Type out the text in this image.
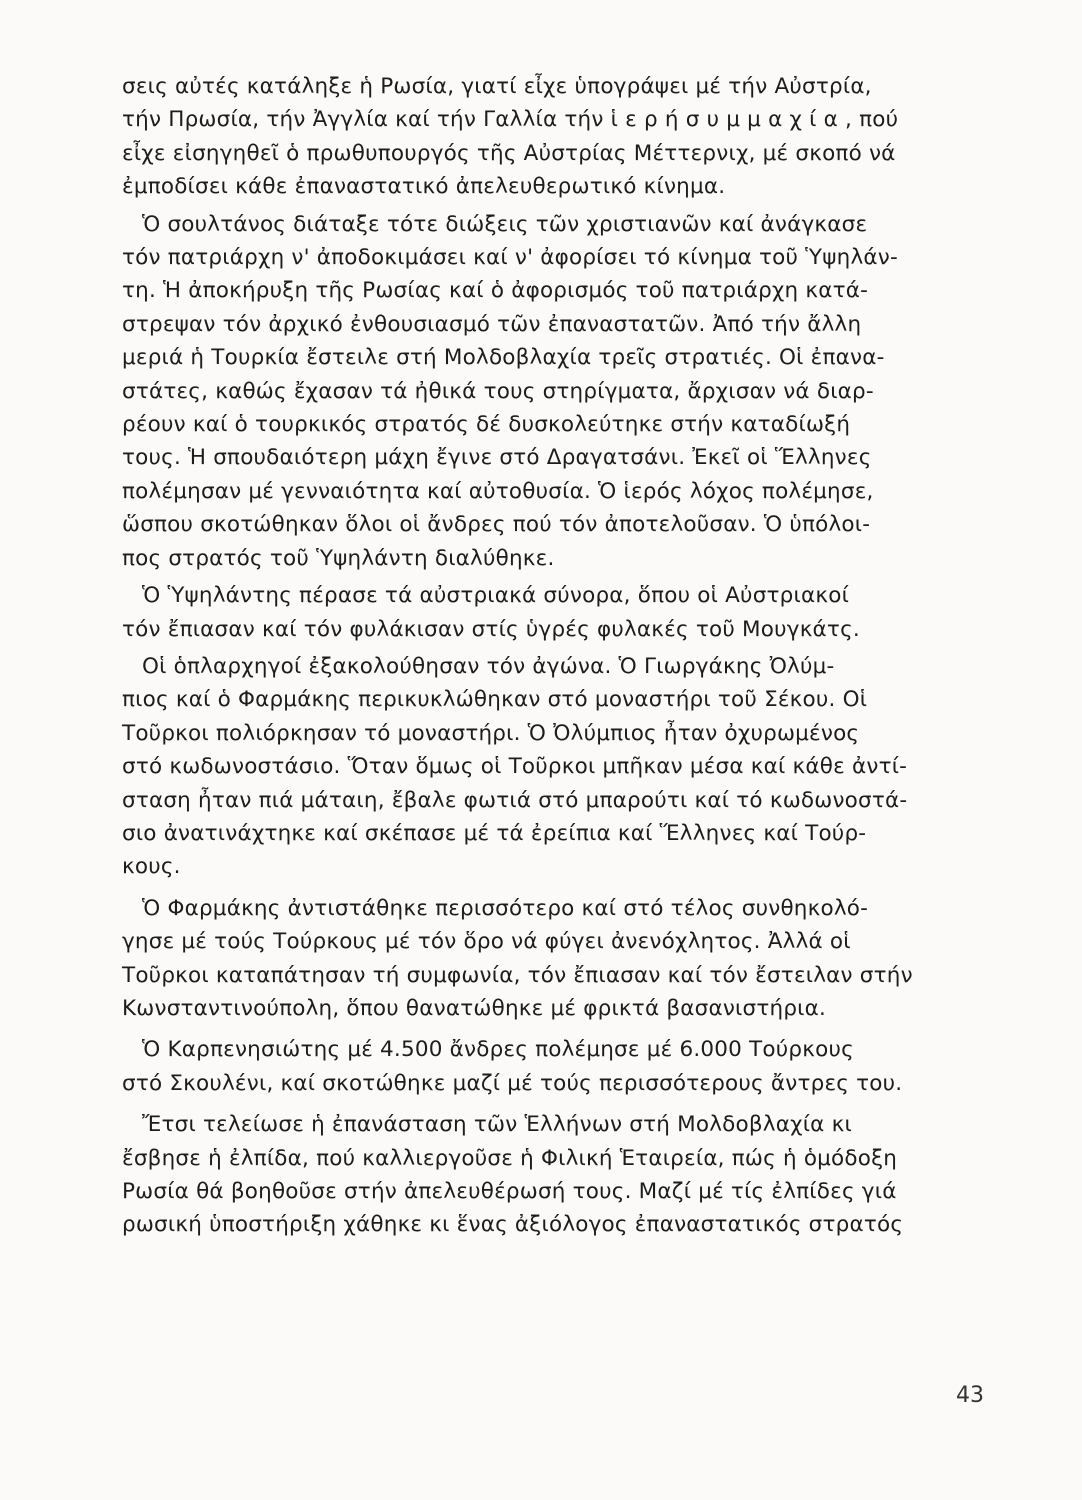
σεις αὐτές κατάληξε ἡ Ρωσία, γιατί εἶχε ὑπογράψει μέ τήν Αὐστρία,
τήν Πρωσία, τήν Ἀγγλία καί τήν Γαλλία τήν ἱ ε ρ ή σ υ μ μ α χ ί α , πού
εἶχε εἰσηγηθεῖ ὁ πρωθυπουργός τῆς Αὐστρίας Μέττερνιχ, μέ σκοπό νά
ἐμποδίσει κάθε ἐπαναστατικό ἀπελευθερωτικό κίνημα.

Ὁ σουλτάνος διάταξε τότε διώξεις τῶν χριστιανῶν καί ἀνάγκασε
τόν πατριάρχη ν' ἀποδοκιμάσει καί ν' ἀφορίσει τό κίνημα τοῦ Ὑψηλάν-
τη. Ἡ ἀποκήρυξη τῆς Ρωσίας καί ὁ ἀφορισμός τοῦ πατριάρχη κατά-
στρεψαν τόν ἀρχικό ἐνθουσιασμό τῶν ἐπαναστατῶν. Ἀπό τήν ἄλλη
μεριά ἡ Τουρκία ἔστειλε στή Μολδοβλαχία τρεῖς στρατιές. Οἱ ἐπανα-
στάτες, καθώς ἔχασαν τά ἠθικά τους στηρίγματα, ἄρχισαν νά διαρ-
ρέουν καί ὁ τουρκικός στρατός δέ δυσκολεύτηκε στήν καταδίωξή
τους. Ἡ σπουδαιότερη μάχη ἔγινε στό Δραγατσάνι. Ἐκεῖ οἱ Ἕλληνες
πολέμησαν μέ γενναιότητα καί αὐτοθυσία. Ὁ ἱερός λόχος πολέμησε,
ὥσπου σκοτώθηκαν ὅλοι οἱ ἄνδρες πού τόν ἀποτελοῦσαν. Ὁ ὑπόλοι-
πος στρατός τοῦ Ὑψηλάντη διαλύθηκε.

Ὁ Ὑψηλάντης πέρασε τά αὐστριακά σύνορα, ὅπου οἱ Αὐστριακοί
τόν ἔπιασαν καί τόν φυλάκισαν στίς ὑγρές φυλακές τοῦ Μουγκάτς.

Οἱ ὁπλαρχηγοί ἐξακολούθησαν τόν ἀγώνα. Ὁ Γιωργάκης Ὀλύμ-
πιος καί ὁ Φαρμάκης περικυκλώθηκαν στό μοναστήρι τοῦ Σέκου. Οἱ
Τοῦρκοι πολιόρκησαν τό μοναστήρι. Ὁ Ὀλύμπιος ἦταν ὀχυρωμένος
στό κωδωνοστάσιο. Ὅταν ὅμως οἱ Τοῦρκοι μπῆκαν μέσα καί κάθε ἀντί-
σταση ἦταν πιά μάταιη, ἔβαλε φωτιά στό μπαρούτι καί τό κωδωνοστά-
σιο ἀνατινάχτηκε καί σκέπασε μέ τά ἐρείπια καί Ἕλληνες καί Τούρ-
κους.

Ὁ Φαρμάκης ἀντιστάθηκε περισσότερο καί στό τέλος συνθηκολό-
γησε μέ τούς Τούρκους μέ τόν ὅρο νά φύγει ἀνενόχλητος. Ἀλλά οἱ
Τοῦρκοι καταπάτησαν τή συμφωνία, τόν ἔπιασαν καί τόν ἔστειλαν στήν
Κωνσταντινούπολη, ὅπου θανατώθηκε μέ φρικτά βασανιστήρια.

Ὁ Καρπενησιώτης μέ 4.500 ἄνδρες πολέμησε μέ 6.000 Τούρκους
στό Σκουλένι, καί σκοτώθηκε μαζί μέ τούς περισσότερους ἄντρες του.

Ἔτσι τελείωσε ἡ ἐπανάσταση τῶν Ἑλλήνων στή Μολδοβλαχία κι
ἔσβησε ἡ ἐλπίδα, πού καλλιεργοῦσε ἡ Φιλική Ἑταιρεία, πώς ἡ ὁμόδοξη
Ρωσία θά βοηθοῦσε στήν ἀπελευθέρωσή τους. Μαζί μέ τίς ἐλπίδες γιά
ρωσική ὑποστήριξη χάθηκε κι ἕνας ἀξιόλογος ἐπαναστατικός στρατός

43
